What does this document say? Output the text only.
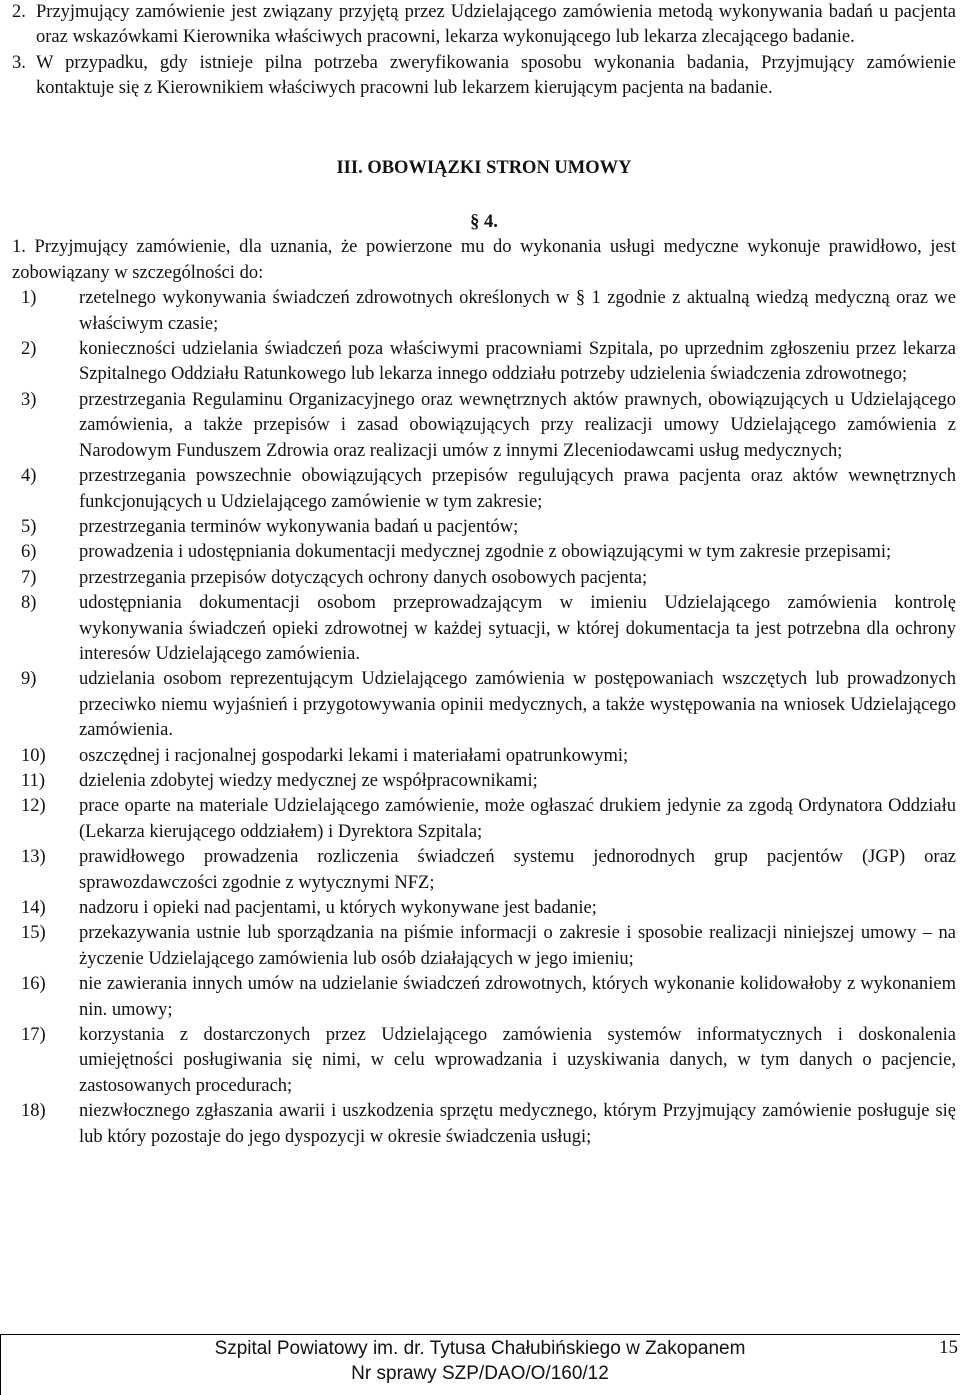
2. Przyjmujący zamówienie jest związany przyjętą przez Udzielającego zamówienia metodą wykonywania badań u pacjenta oraz wskazówkami Kierownika właściwych pracowni, lekarza wykonującego lub lekarza zlecającego badanie.
3. W przypadku, gdy istnieje pilna potrzeba zweryfikowania sposobu wykonania badania, Przyjmujący zamówienie kontaktuje się z Kierownikiem właściwych pracowni lub lekarzem kierującym pacjenta na badanie.
III. OBOWIĄZKI STRON UMOWY
§ 4.
1. Przyjmujący zamówienie, dla uznania, że powierzone mu do wykonania usługi medyczne wykonuje prawidłowo, jest zobowiązany w szczególności do:
1) rzetelnego wykonywania świadczeń zdrowotnych określonych w § 1 zgodnie z aktualną wiedzą medyczną oraz we właściwym czasie;
2) konieczności udzielania świadczeń poza właściwymi pracowniami Szpitala, po uprzednim zgłoszeniu przez lekarza Szpitalnego Oddziału Ratunkowego lub lekarza innego oddziału potrzeby udzielenia świadczenia zdrowotnego;
3) przestrzegania Regulaminu Organizacyjnego oraz wewnętrznych aktów prawnych, obowiązujących u Udzielającego zamówienia, a także przepisów i zasad obowiązujących przy realizacji umowy Udzielającego zamówienia z Narodowym Funduszem Zdrowia oraz realizacji umów z innymi Zleceniodawcami usług medycznych;
4) przestrzegania powszechnie obowiązujących przepisów regulujących prawa pacjenta oraz aktów wewnętrznych funkcjonujących u Udzielającego zamówienie w tym zakresie;
5) przestrzegania terminów wykonywania badań u pacjentów;
6) prowadzenia i udostępniania dokumentacji medycznej zgodnie z obowiązującymi w tym zakresie przepisami;
7) przestrzegania przepisów dotyczących ochrony danych osobowych pacjenta;
8) udostępniania dokumentacji osobom przeprowadzającym w imieniu Udzielającego zamówienia kontrolę wykonywania świadczeń opieki zdrowotnej w każdej sytuacji, w której dokumentacja ta jest potrzebna dla ochrony interesów Udzielającego zamówienia.
9) udzielania osobom reprezentującym Udzielającego zamówienia w postępowaniach wszczętych lub prowadzonych przeciwko niemu wyjaśnień i przygotowywania opinii medycznych, a także występowania na wniosek Udzielającego zamówienia.
10) oszczędnej i racjonalnej gospodarki lekami i materiałami opatrunkowymi;
11) dzielenia zdobytej wiedzy medycznej ze współpracownikami;
12) prace oparte na materiale Udzielającego zamówienie, może ogłaszać drukiem jedynie za zgodą Ordynatora Oddziału (Lekarza kierującego oddziałem) i Dyrektora Szpitala;
13) prawidłowego prowadzenia rozliczenia świadczeń systemu jednorodnych grup pacjentów (JGP) oraz sprawozdawczości zgodnie z wytycznymi NFZ;
14) nadzoru i opieki nad pacjentami, u których wykonywane jest badanie;
15) przekazywania ustnie lub sporządzania na piśmie informacji o zakresie i sposobie realizacji niniejszej umowy – na życzenie Udzielającego zamówienia lub osób działających w jego imieniu;
16) nie zawierania innych umów na udzielanie świadczeń zdrowotnych, których wykonanie kolidowałoby z wykonaniem nin. umowy;
17) korzystania z dostarczonych przez Udzielającego zamówienia systemów informatycznych i doskonalenia umiejętności posługiwania się nimi, w celu wprowadzania i uzyskiwania danych, w tym danych o pacjencie, zastosowanych procedurach;
18) niezwłocznego zgłaszania awarii i uszkodzenia sprzętu medycznego, którym Przyjmujący zamówienie posługuje się lub który pozostaje do jego dyspozycji w okresie świadczenia usługi;
Szpital Powiatowy im. dr. Tytusa Chałubińskiego w Zakopanem
Nr sprawy SZP/DAO/O/160/12
15
